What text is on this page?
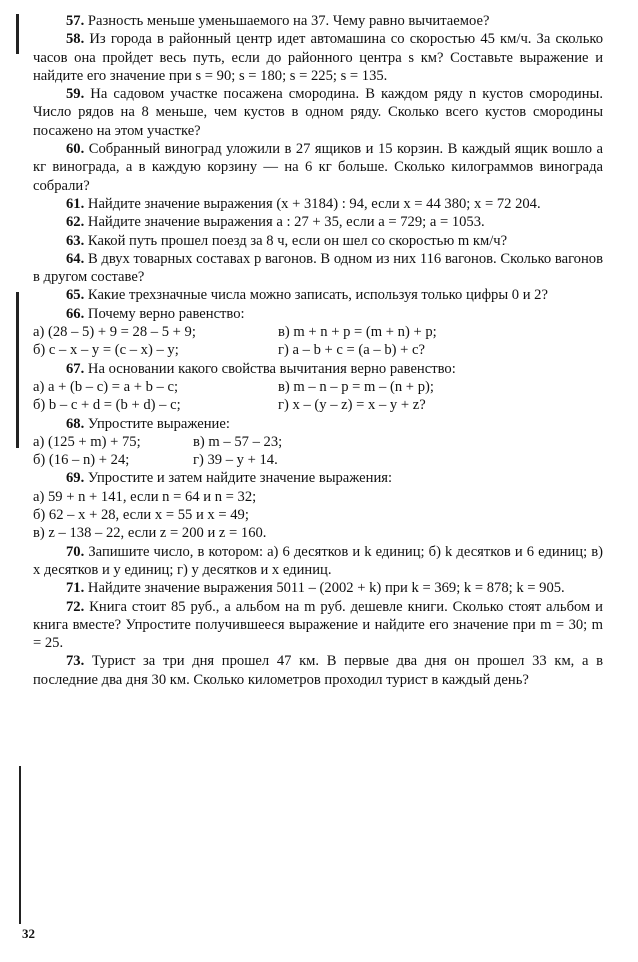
57. Разность меньше уменьшаемого на 37. Чему равно вычитаемое?

58. Из города в районный центр идет автомашина со скоростью 45 км/ч. За сколько часов она пройдет весь путь, если до районного центра s км? Составьте выражение и найдите его значение при s = 90; s = 180; s = 225; s = 135.

59. На садовом участке посажена смородина. В каждом ряду n кустов смородины. Число рядов на 8 меньше, чем кустов в одном ряду. Сколько всего кустов смородины посажено на этом участке?

60. Собранный виноград уложили в 27 ящиков и 15 корзин. В каждый ящик вошло a кг винограда, а в каждую корзину — на 6 кг больше. Сколько килограммов винограда собрали?

61. Найдите значение выражения (x + 3184) : 94, если x = 44 380; x = 72 204.

62. Найдите значение выражения a : 27 + 35, если a = 729; a = 1053.

63. Какой путь прошел поезд за 8 ч, если он шел со скоростью m км/ч?

64. В двух товарных составах p вагонов. В одном из них 116 вагонов. Сколько вагонов в другом составе?

65. Какие трехзначные числа можно записать, используя только цифры 0 и 2?

66. Почему верно равенство:

а) (28 – 5) + 9 = 28 – 5 + 9;	в) m + n + p = (m + n) + p;
б) c – x – y = (c – x) – y;	г) a – b + c = (a – b) + c?

67. На основании какого свойства вычитания верно равенство:

а) a + (b – c) = a + b – c;	в) m – n – p = m – (n + p);
б) b – c + d = (b + d) – c;	г) x – (y – z) = x – y + z?

68. Упростите выражение:

а) (125 + m) + 75;	в) m – 57 – 23;
б) (16 – n) + 24;	г) 39 – y + 14.

69. Упростите и затем найдите значение выражения:

а) 59 + n + 141, если n = 64 и n = 32;
б) 62 – x + 28, если x = 55 и x = 49;
в) z – 138 – 22, если z = 200 и z = 160.

70. Запишите число, в котором: а) 6 десятков и k единиц; б) k десятков и 6 единиц; в) x десятков и y единиц; г) y десятков и x единиц.

71. Найдите значение выражения 5011 – (2002 + k) при k = 369; k = 878; k = 905.

72. Книга стоит 85 руб., а альбом на m руб. дешевле книги. Сколько стоят альбом и книга вместе? Упростите получившееся выражение и найдите его значение при m = 30; m = 25.

73. Турист за три дня прошел 47 км. В первые два дня он прошел 33 км, а в последние два дня 30 км. Сколько километров проходил турист в каждый день?

32
